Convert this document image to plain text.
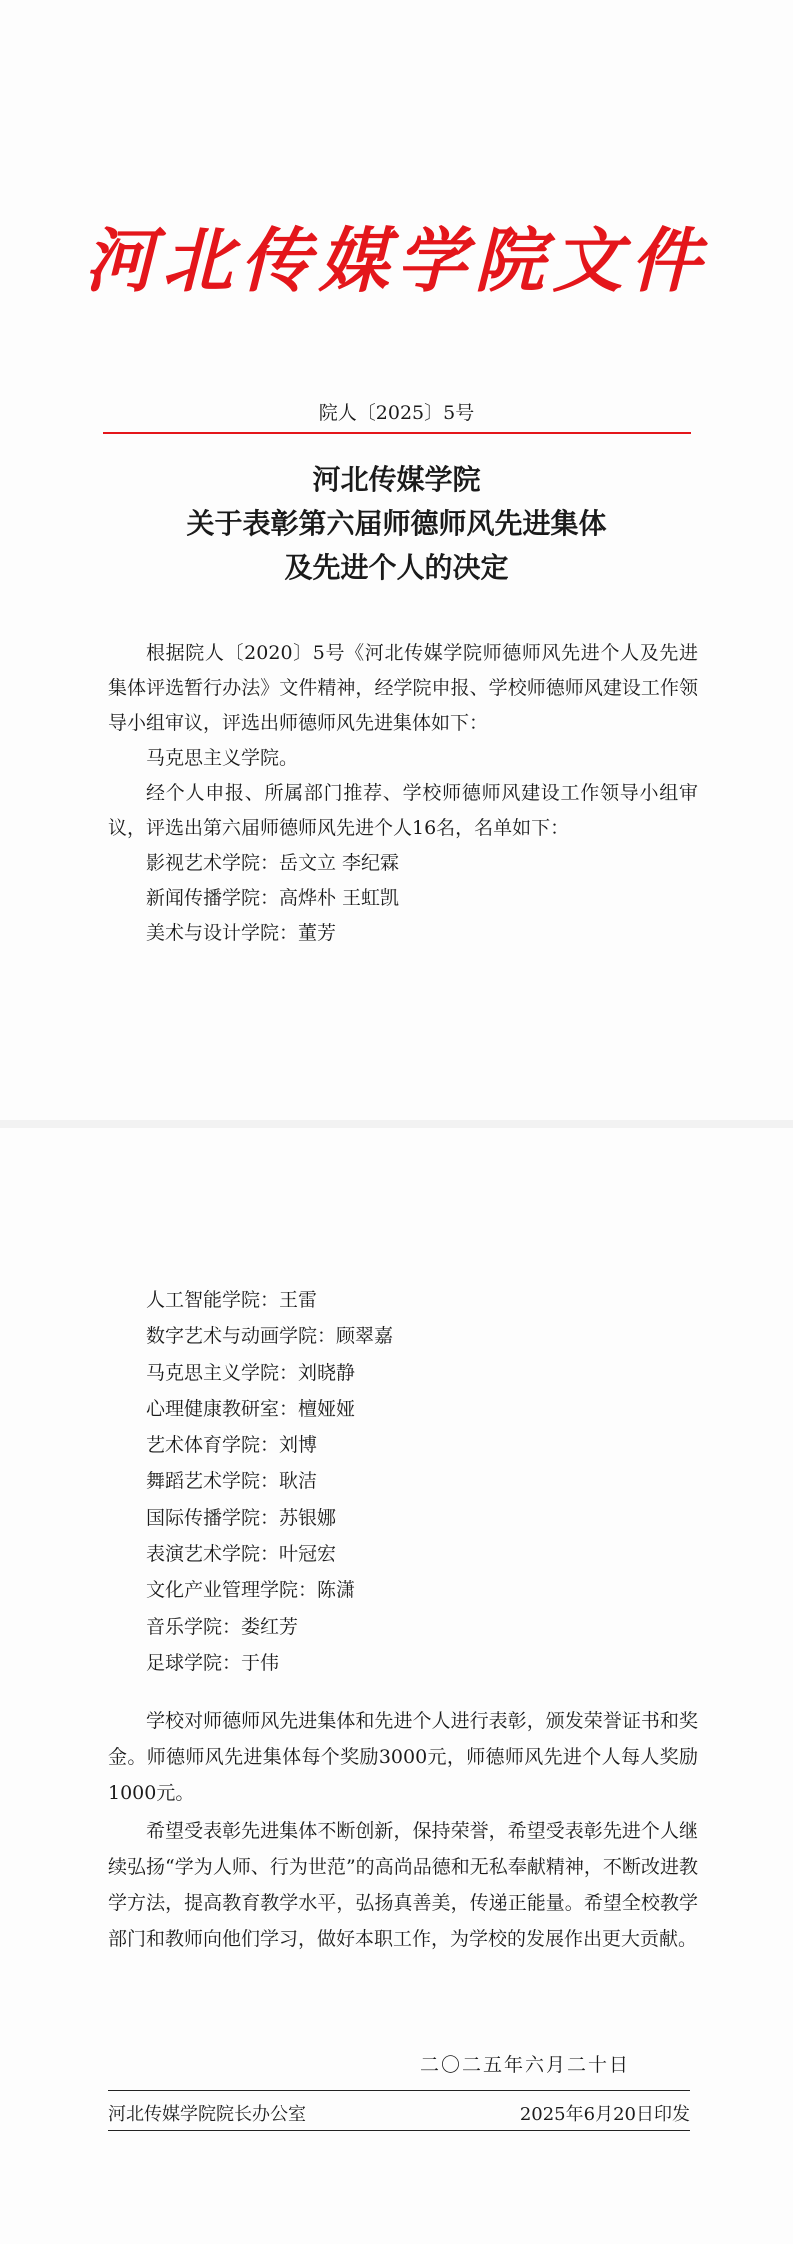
河北传媒学院文件
院人〔2025〕5号
河北传媒学院
关于表彰第六届师德师风先进集体
及先进个人的决定

根据院人〔2020〕5号《河北传媒学院师德师风先进个人及先进集体评选暂行办法》文件精神，经学院申报、学校师德师风建设工作领导小组审议，评选出师德师风先进集体如下：

马克思主义学院。

经个人申报、所属部门推荐、学校师德师风建设工作领导小组审议，评选出第六届师德师风先进个人16名，名单如下：

影视艺术学院：岳文立 李纪霖

新闻传播学院：高烨朴 王虹凯

美术与设计学院：董芳

人工智能学院：王雷

数字艺术与动画学院：顾翠嘉

马克思主义学院：刘晓静

心理健康教研室：檀娅娅

艺术体育学院：刘博

舞蹈艺术学院：耿洁

国际传播学院：苏银娜

表演艺术学院：叶冠宏

文化产业管理学院：陈潇

音乐学院：娄红芳

足球学院：于伟

学校对师德师风先进集体和先进个人进行表彰，颁发荣誉证书和奖金。师德师风先进集体每个奖励3000元，师德师风先进个人每人奖励1000元。

希望受表彰先进集体不断创新，保持荣誉，希望受表彰先进个人继续弘扬“学为人师、行为世范”的高尚品德和无私奉献精神，不断改进教学方法，提高教育教学水平，弘扬真善美，传递正能量。希望全校教学部门和教师向他们学习，做好本职工作，为学校的发展作出更大贡献。

二〇二五年六月二十日
河北传媒学院院长办公室	2025年6月20日印发
